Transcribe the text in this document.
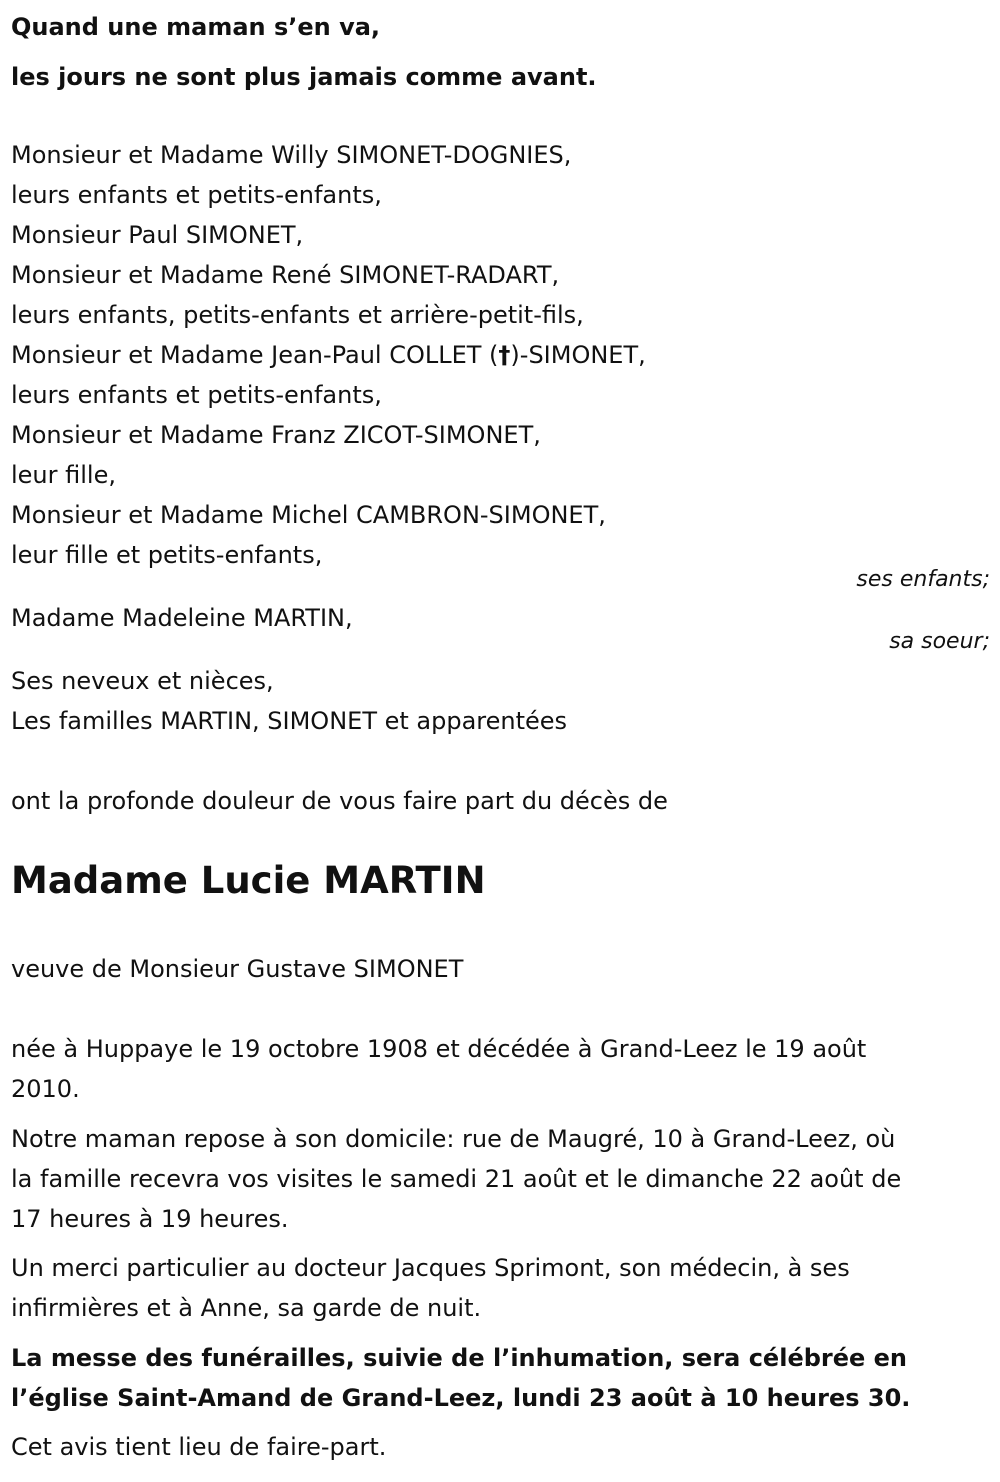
Quand une maman s’en va,
les jours ne sont plus jamais comme avant.
Monsieur et Madame Willy SIMONET-DOGNIES,
leurs enfants et petits-enfants,
Monsieur Paul SIMONET,
Monsieur et Madame René SIMONET-RADART,
leurs enfants, petits-enfants et arrière-petit-fils,
Monsieur et Madame Jean-Paul COLLET (†)-SIMONET,
leurs enfants et petits-enfants,
Monsieur et Madame Franz ZICOT-SIMONET,
leur fille,
Monsieur et Madame Michel CAMBRON-SIMONET,
leur fille et petits-enfants,
ses enfants;
Madame Madeleine MARTIN,
sa soeur;
Ses neveux et nièces,
Les familles MARTIN, SIMONET et apparentées
ont la profonde douleur de vous faire part du décès de
Madame Lucie MARTIN
veuve de Monsieur Gustave SIMONET
née à Huppaye le 19 octobre 1908 et décédée à Grand-Leez le 19 août
2010.
Notre maman repose à son domicile: rue de Maugré, 10 à Grand-Leez, où
la famille recevra vos visites le samedi 21 août et le dimanche 22 août de
17 heures à 19 heures.
Un merci particulier au docteur Jacques Sprimont, son médecin, à ses
infirmières et à Anne, sa garde de nuit.
La messe des funérailles, suivie de l’inhumation, sera célébrée en
l’église Saint-Amand de Grand-Leez, lundi 23 août à 10 heures 30.
Cet avis tient lieu de faire-part.
